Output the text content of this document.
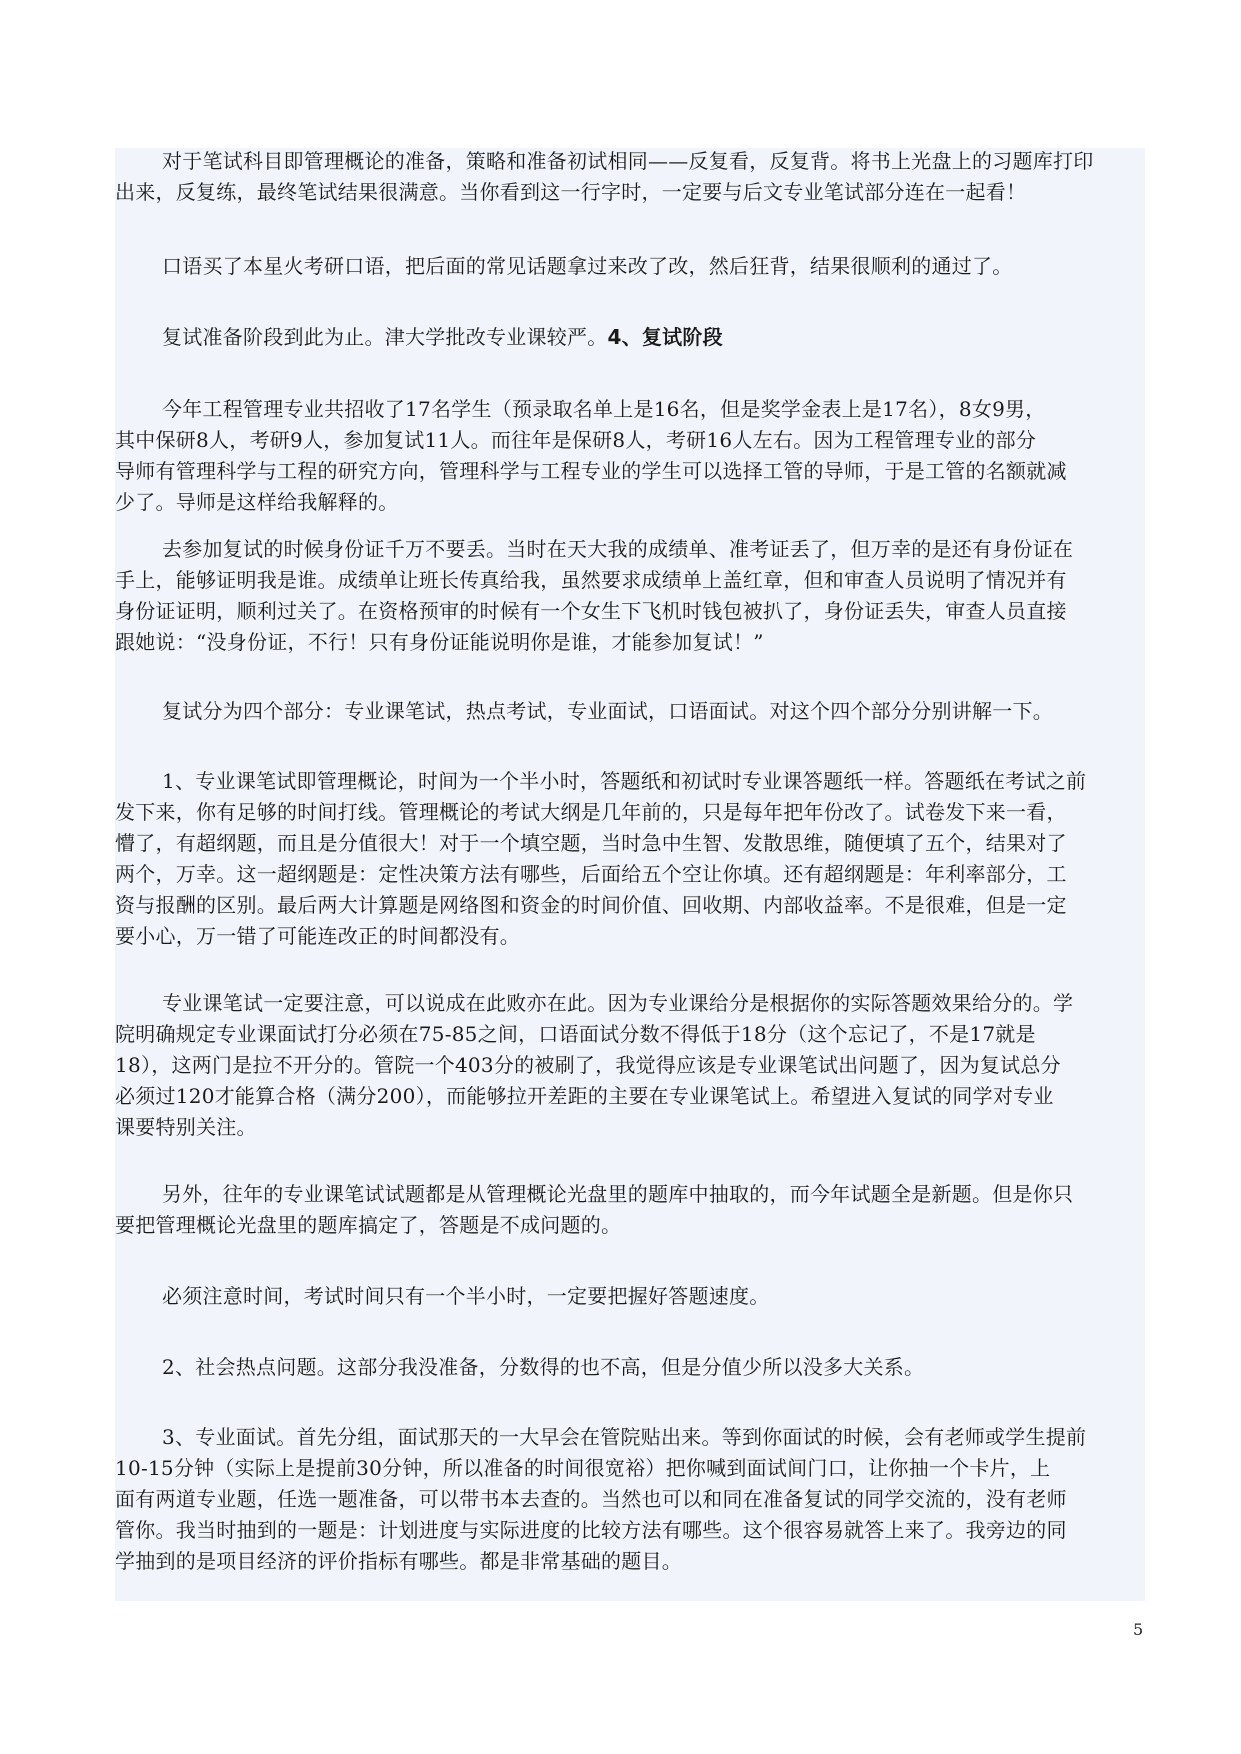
对于笔试科目即管理概论的准备，策略和准备初试相同——反复看，反复背。将书上光盘上的习题库打印
出来，反复练，最终笔试结果很满意。当你看到这一行字时，一定要与后文专业笔试部分连在一起看！
口语买了本星火考研口语，把后面的常见话题拿过来改了改，然后狂背，结果很顺利的通过了。
复试准备阶段到此为止。津大学批改专业课较严。4、复试阶段
今年工程管理专业共招收了17名学生（预录取名单上是16名，但是奖学金表上是17名），8女9男，
其中保研8人，考研9人，参加复试11人。而往年是保研8人，考研16人左右。因为工程管理专业的部分
导师有管理科学与工程的研究方向，管理科学与工程专业的学生可以选择工管的导师，于是工管的名额就减
少了。导师是这样给我解释的。
去参加复试的时候身份证千万不要丢。当时在天大我的成绩单、准考证丢了，但万幸的是还有身份证在
手上，能够证明我是谁。成绩单让班长传真给我，虽然要求成绩单上盖红章，但和审查人员说明了情况并有
身份证证明，顺利过关了。在资格预审的时候有一个女生下飞机时钱包被扒了，身份证丢失，审查人员直接
跟她说：“没身份证，不行！只有身份证能说明你是谁，才能参加复试！”
复试分为四个部分：专业课笔试，热点考试，专业面试，口语面试。对这个四个部分分别讲解一下。
1、专业课笔试即管理概论，时间为一个半小时，答题纸和初试时专业课答题纸一样。答题纸在考试之前
发下来，你有足够的时间打线。管理概论的考试大纲是几年前的，只是每年把年份改了。试卷发下来一看，
懵了，有超纲题，而且是分值很大！对于一个填空题，当时急中生智、发散思维，随便填了五个，结果对了
两个，万幸。这一超纲题是：定性决策方法有哪些，后面给五个空让你填。还有超纲题是：年利率部分，工
资与报酬的区别。最后两大计算题是网络图和资金的时间价值、回收期、内部收益率。不是很难，但是一定
要小心，万一错了可能连改正的时间都没有。
专业课笔试一定要注意，可以说成在此败亦在此。因为专业课给分是根据你的实际答题效果给分的。学
院明确规定专业课面试打分必须在75-85之间，口语面试分数不得低于18分（这个忘记了，不是17就是
18），这两门是拉不开分的。管院一个403分的被刷了，我觉得应该是专业课笔试出问题了，因为复试总分
必须过120才能算合格（满分200），而能够拉开差距的主要在专业课笔试上。希望进入复试的同学对专业
课要特别关注。
另外，往年的专业课笔试试题都是从管理概论光盘里的题库中抽取的，而今年试题全是新题。但是你只
要把管理概论光盘里的题库搞定了，答题是不成问题的。
必须注意时间，考试时间只有一个半小时，一定要把握好答题速度。
2、社会热点问题。这部分我没准备，分数得的也不高，但是分值少所以没多大关系。
3、专业面试。首先分组，面试那天的一大早会在管院贴出来。等到你面试的时候，会有老师或学生提前
10-15分钟（实际上是提前30分钟，所以准备的时间很宽裕）把你喊到面试间门口，让你抽一个卡片，上
面有两道专业题，任选一题准备，可以带书本去查的。当然也可以和同在准备复试的同学交流的，没有老师
管你。我当时抽到的一题是：计划进度与实际进度的比较方法有哪些。这个很容易就答上来了。我旁边的同
学抽到的是项目经济的评价指标有哪些。都是非常基础的题目。
5
